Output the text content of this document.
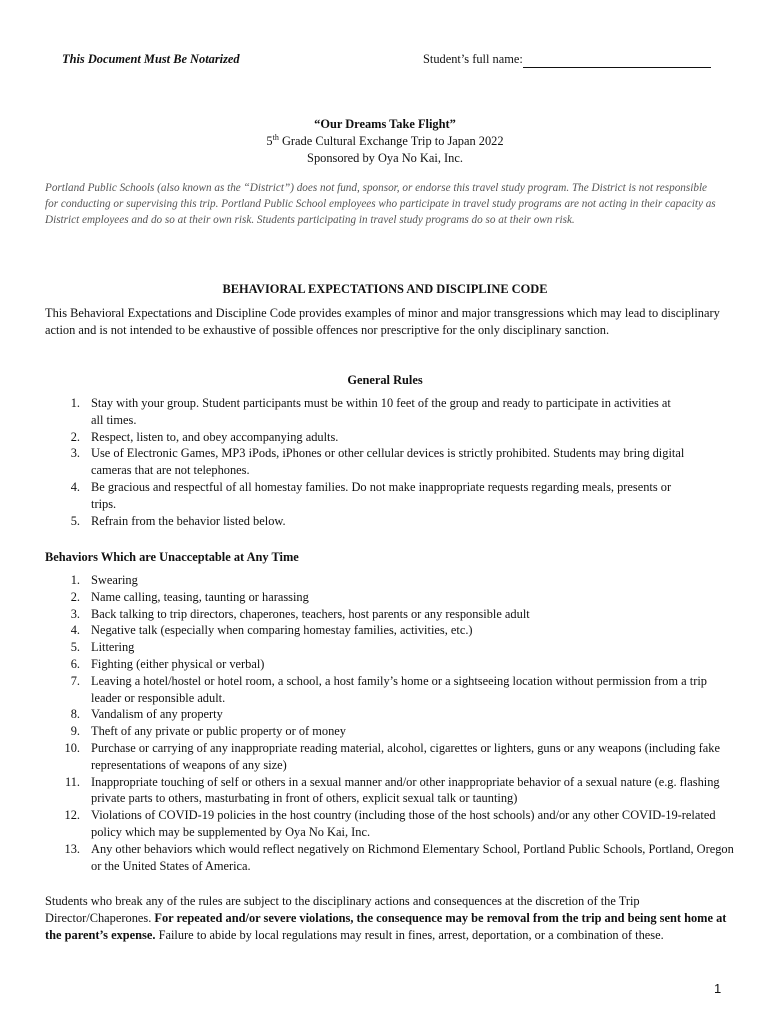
This Document Must Be Notarized	Student’s full name:
“Our Dreams Take Flight”
5th Grade Cultural Exchange Trip to Japan 2022
Sponsored by Oya No Kai, Inc.
Portland Public Schools (also known as the “District”) does not fund, sponsor, or endorse this travel study program. The District is not responsible for conducting or supervising this trip. Portland Public School employees who participate in travel study programs are not acting in their capacity as District employees and do so at their own risk. Students participating in travel study programs do so at their own risk.
BEHAVIORAL EXPECTATIONS AND DISCIPLINE CODE
This Behavioral Expectations and Discipline Code provides examples of minor and major transgressions which may lead to disciplinary action and is not intended to be exhaustive of possible offences nor prescriptive for the only disciplinary sanction.
General Rules
1. Stay with your group. Student participants must be within 10 feet of the group and ready to participate in activities at all times.
2. Respect, listen to, and obey accompanying adults.
3. Use of Electronic Games, MP3 iPods, iPhones or other cellular devices is strictly prohibited. Students may bring digital cameras that are not telephones.
4. Be gracious and respectful of all homestay families. Do not make inappropriate requests regarding meals, presents or trips.
5. Refrain from the behavior listed below.
Behaviors Which are Unacceptable at Any Time
1. Swearing
2. Name calling, teasing, taunting or harassing
3. Back talking to trip directors, chaperones, teachers, host parents or any responsible adult
4. Negative talk (especially when comparing homestay families, activities, etc.)
5. Littering
6. Fighting (either physical or verbal)
7. Leaving a hotel/hostel or hotel room, a school, a host family’s home or a sightseeing location without permission from a trip leader or responsible adult.
8. Vandalism of any property
9. Theft of any private or public property or of money
10. Purchase or carrying of any inappropriate reading material, alcohol, cigarettes or lighters, guns or any weapons (including fake representations of weapons of any size)
11. Inappropriate touching of self or others in a sexual manner and/or other inappropriate behavior of a sexual nature (e.g. flashing private parts to others, masturbating in front of others, explicit sexual talk or taunting)
12. Violations of COVID-19 policies in the host country (including those of the host schools) and/or any other COVID-19-related policy which may be supplemented by Oya No Kai, Inc.
13. Any other behaviors which would reflect negatively on Richmond Elementary School, Portland Public Schools, Portland, Oregon or the United States of America.
Students who break any of the rules are subject to the disciplinary actions and consequences at the discretion of the Trip Director/Chaperones. For repeated and/or severe violations, the consequence may be removal from the trip and being sent home at the parent’s expense. Failure to abide by local regulations may result in fines, arrest, deportation, or a combination of these.
1
